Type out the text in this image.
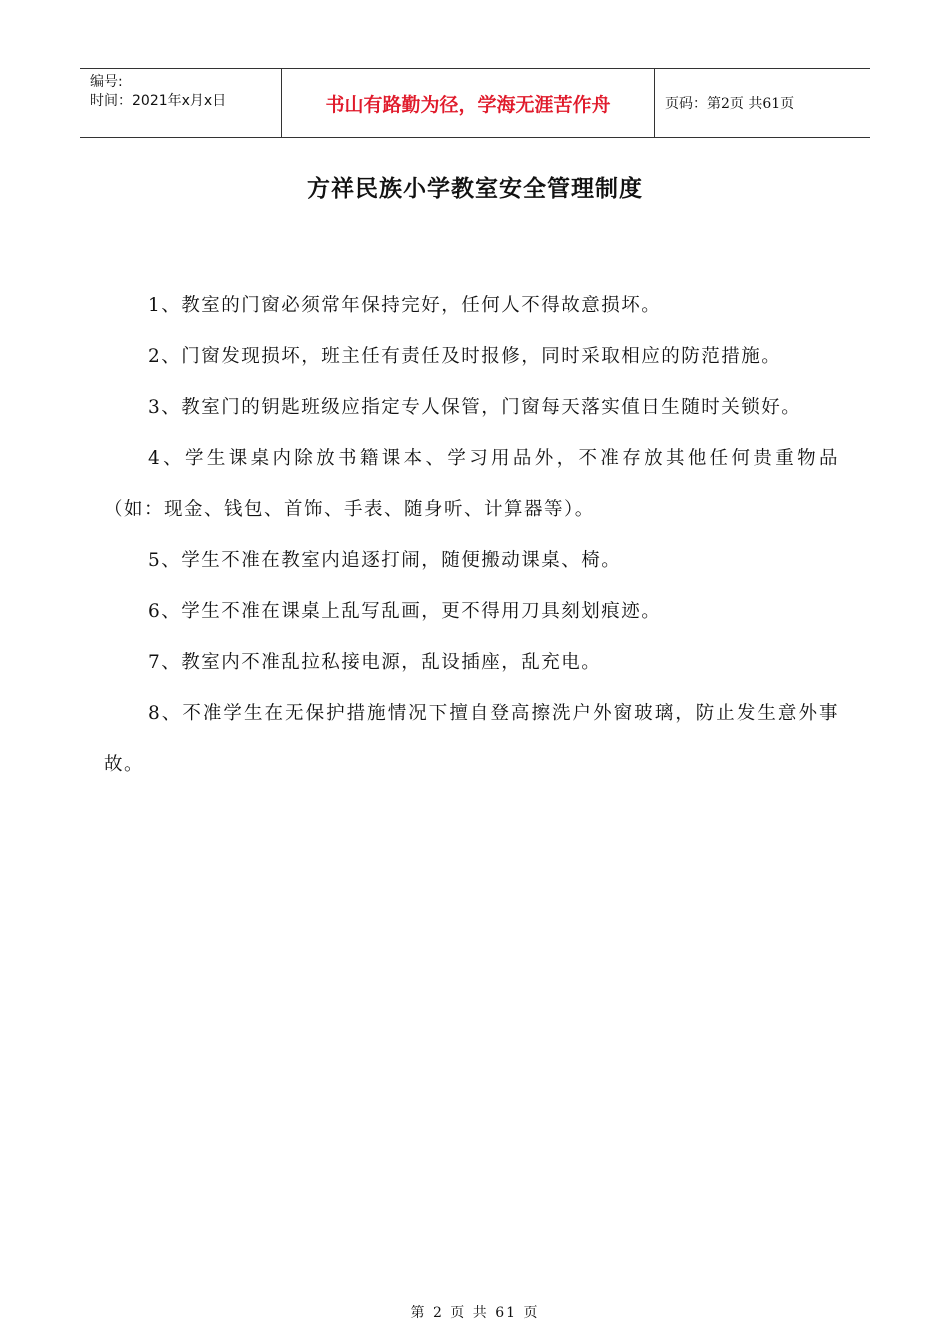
编号:
时间：2021年x月x日	书山有路勤为径，学海无涯苦作舟	页码：第2页 共61页
方祥民族小学教室安全管理制度

1、教室的门窗必须常年保持完好，任何人不得故意损坏。

2、门窗发现损坏，班主任有责任及时报修，同时采取相应的防范措施。

3、教室门的钥匙班级应指定专人保管，门窗每天落实值日生随时关锁好。

4、学生课桌内除放书籍课本、学习用品外，不准存放其他任何贵重物品（如：现金、钱包、首饰、手表、随身听、计算器等）。

5、学生不准在教室内追逐打闹，随便搬动课桌、椅。

6、学生不准在课桌上乱写乱画，更不得用刀具刻划痕迹。

7、教室内不准乱拉私接电源，乱设插座，乱充电。

8、不准学生在无保护措施情况下擅自登高擦洗户外窗玻璃，防止发生意外事故。

第 2 页 共 61 页
